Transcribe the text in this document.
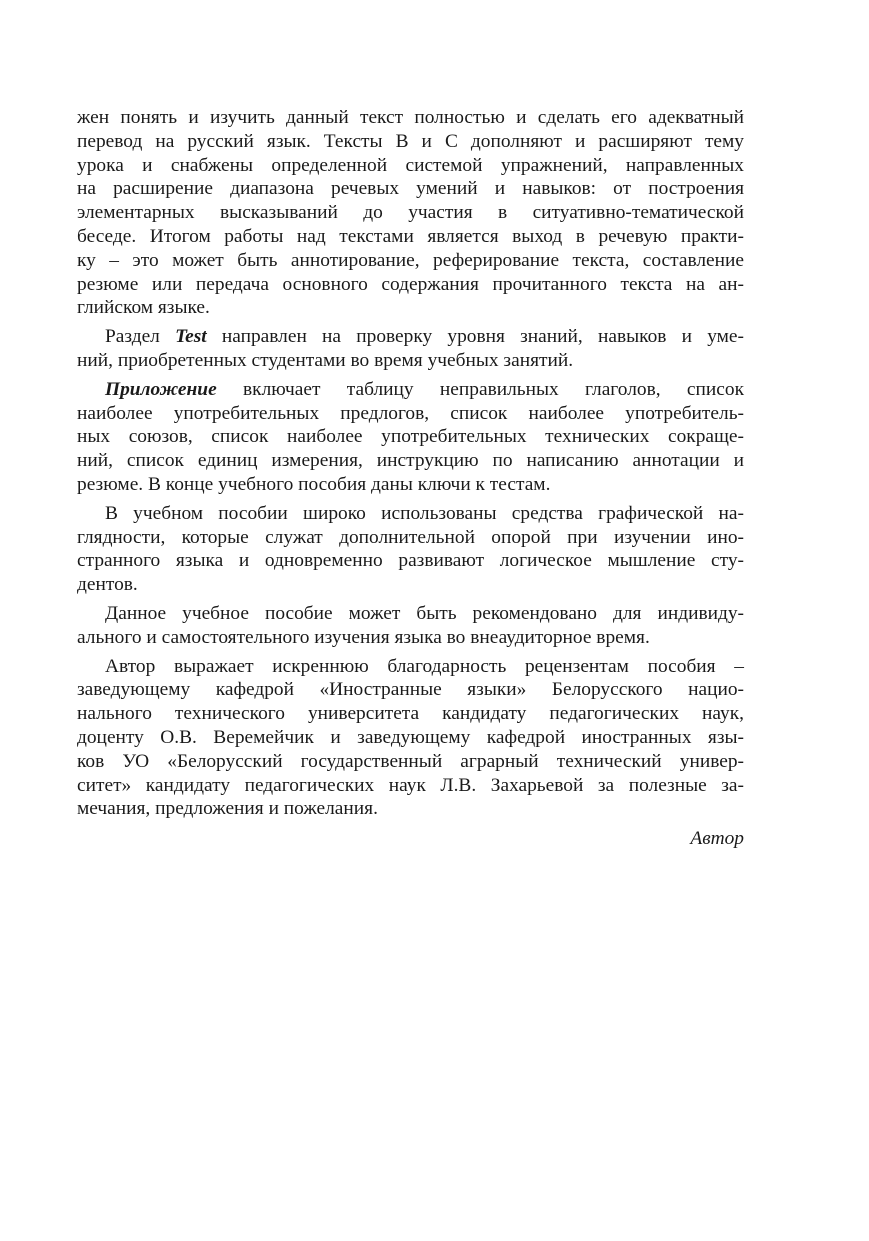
жен понять и изучить данный текст полностью и сделать его адекватный
перевод на русский язык. Тексты B и C дополняют и расширяют тему
урока и снабжены определенной системой упражнений, направленных
на расширение диапазона речевых умений и навыков: от построения
элементарных высказываний до участия в ситуативно-тематической
беседе. Итогом работы над текстами является выход в речевую практи-
ку – это может быть аннотирование, реферирование текста, составление
резюме или передача основного содержания прочитанного текста на ан-
глийском языке.
Раздел Test направлен на проверку уровня знаний, навыков и уме-
ний, приобретенных студентами во время учебных занятий.
Приложение включает таблицу неправильных глаголов, список
наиболее употребительных предлогов, список наиболее употребитель-
ных союзов, список наиболее употребительных технических сокраще-
ний, список единиц измерения, инструкцию по написанию аннотации и
резюме. В конце учебного пособия даны ключи к тестам.
В учебном пособии широко использованы средства графической на-
глядности, которые служат дополнительной опорой при изучении ино-
странного языка и одновременно развивают логическое мышление сту-
дентов.
Данное учебное пособие может быть рекомендовано для индивиду-
ального и самостоятельного изучения языка во внеаудиторное время.
Автор выражает искреннюю благодарность рецензентам пособия –
заведующему кафедрой «Иностранные языки» Белорусского нацио-
нального технического университета кандидату педагогических наук,
доценту О.В. Веремейчик и заведующему кафедрой иностранных язы-
ков УО «Белорусский государственный аграрный технический универ-
ситет» кандидату педагогических наук Л.В. Захарьевой за полезные за-
мечания, предложения и пожелания.
Автор
